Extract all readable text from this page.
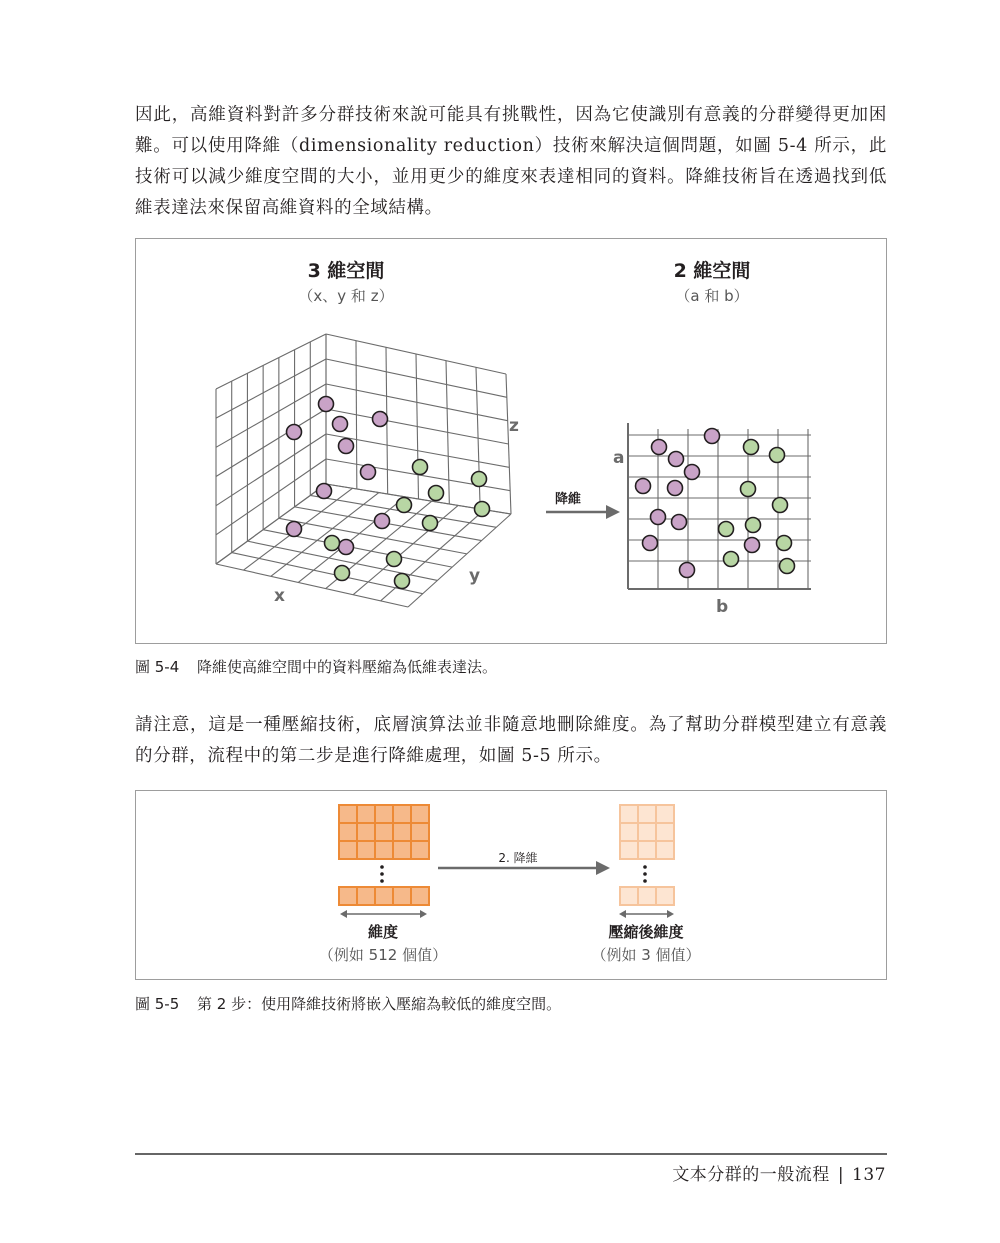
因此，高維資料對許多分群技術來說可能具有挑戰性，因為它使識別有意義的分群變得更加困難。可以使用降維（dimensionality reduction）技術來解決這個問題，如圖 5-4 所示，此技術可以減少維度空間的大小，並用更少的維度來表達相同的資料。降維技術旨在透過找到低維表達法來保留高維資料的全域結構。

3 維空間
（x、y 和 z）
2 維空間
（a 和 b）
x
y
z
降維
a
b
圖 5-4 降維使高維空間中的資料壓縮為低維表達法。

請注意，這是一種壓縮技術，底層演算法並非隨意地刪除維度。為了幫助分群模型建立有意義的分群，流程中的第二步是進行降維處理，如圖 5-5 所示。

2. 降維
維度
（例如 512 個值）
壓縮後維度
（例如 3 個值）
圖 5-5 第 2 步：使用降維技術將嵌入壓縮為較低的維度空間。
文本分群的一般流程 | 137
